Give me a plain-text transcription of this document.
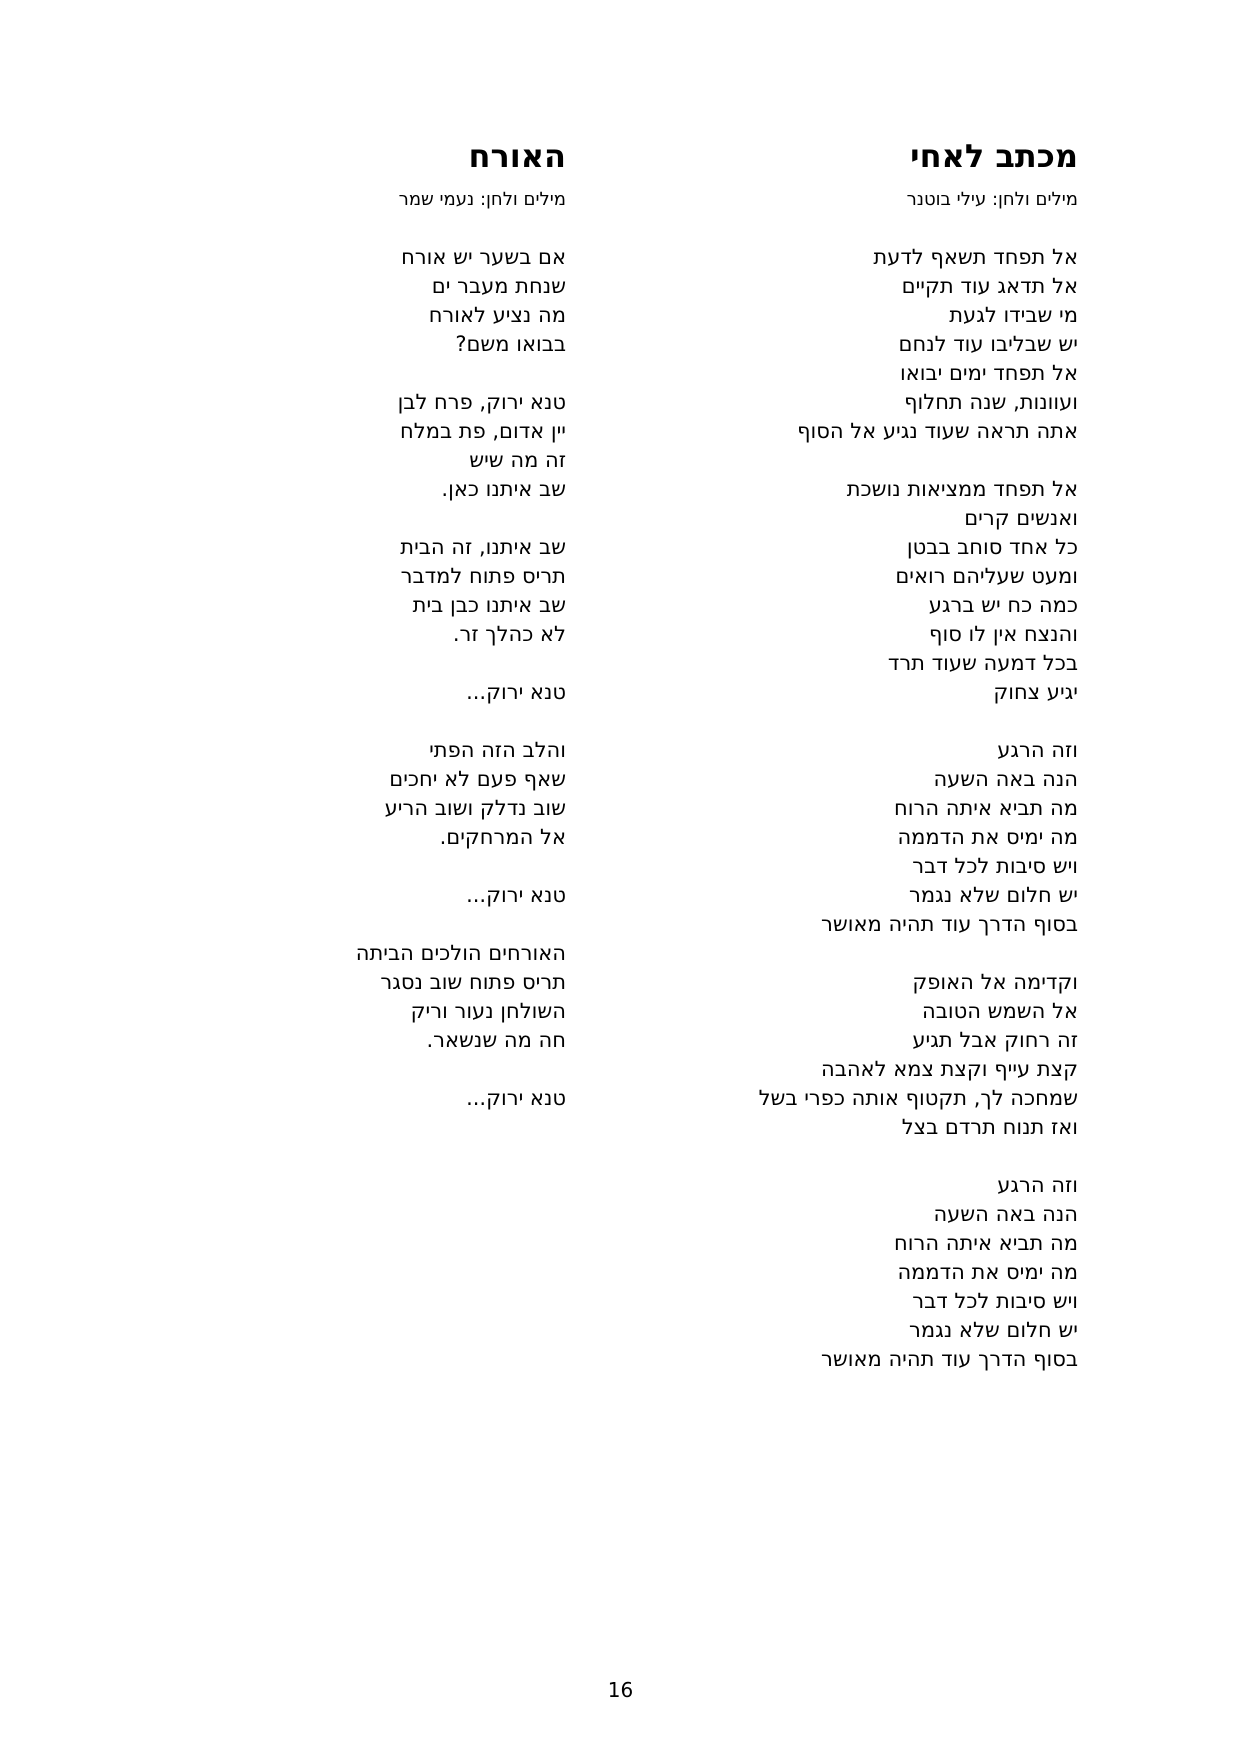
מכתב לאחי
מילים ולחן: עילי בוטנר
אל תפחד תשאף לדעת
אל תדאג עוד תקיים
מי שבידו לגעת
יש שבליבו עוד לנחם
אל תפחד ימים יבואו
ועוונות, שנה תחלוף
אתה תראה שעוד נגיע אל הסוף
אל תפחד ממציאות נושכת
ואנשים קרים
כל אחד סוחב בבטן
ומעט שעליהם רואים
כמה כח יש ברגע
והנצח אין לו סוף
בכל דמעה שעוד תרד
יגיע צחוק
וזה הרגע
הנה באה השעה
מה תביא איתה הרוח
מה ימיס את הדממה
ויש סיבות לכל דבר
יש חלום שלא נגמר
בסוף הדרך עוד תהיה מאושר
וקדימה אל האופק
אל השמש הטובה
זה רחוק אבל תגיע
קצת עייף וקצת צמא לאהבה
שמחכה לך, תקטוף אותה כפרי בשל
ואז תנוח תרדם בצל
וזה הרגע
הנה באה השעה
מה תביא איתה הרוח
מה ימיס את הדממה
ויש סיבות לכל דבר
יש חלום שלא נגמר
בסוף הדרך עוד תהיה מאושר
האורח
מילים ולחן: נעמי שמר
אם בשער יש אורח
שנחת מעבר ים
מה נציע לאורח
בבואו משם?
טנא ירוק, פרח לבן
יין אדום, פת במלח
זה מה שיש
שב איתנו כאן.
שב איתנו, זה הבית
תריס פתוח למדבר
שב איתנו כבן בית
לא כהלך זר.
טנא ירוק...
והלב הזה הפתי
שאף פעם לא יחכים
שוב נדלק ושוב הריע
אל המרחקים.
טנא ירוק...
האורחים הולכים הביתה
תריס פתוח שוב נסגר
השולחן נעור וריק
חה מה שנשאר.
טנא ירוק...
16
